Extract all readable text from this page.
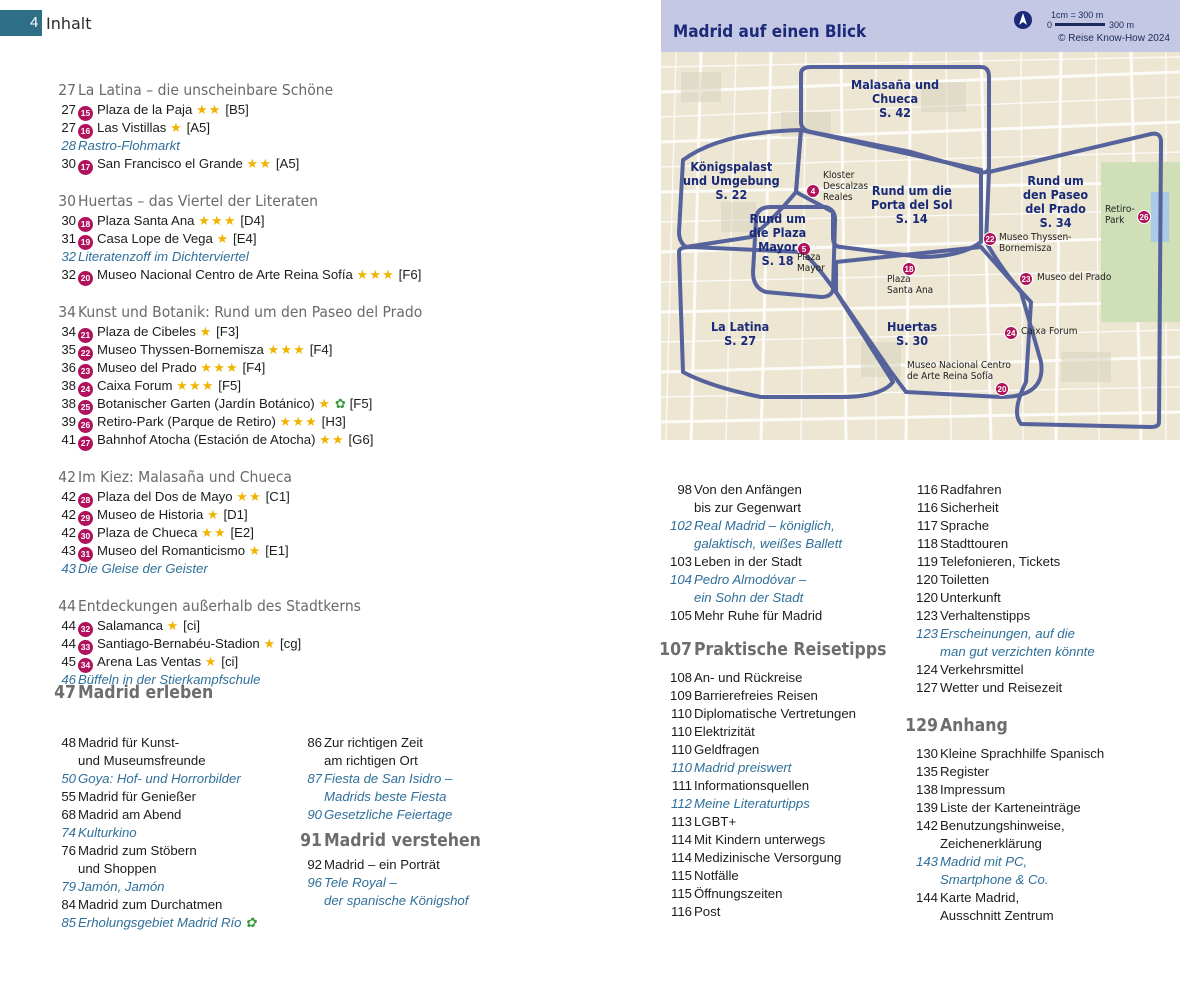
4 Inhalt
27 La Latina – die unscheinbare Schöne
27 15 Plaza de la Paja ★★ [B5]
27 16 Las Vistillas ★ [A5]
28 Rastro-Flohmarkt
30 17 San Francisco el Grande ★★ [A5]
30 Huertas – das Viertel der Literaten
30 18 Plaza Santa Ana ★★★ [D4]
31 19 Casa Lope de Vega ★ [E4]
32 Literatenzoff im Dichterviertel
32 20 Museo Nacional Centro de Arte Reina Sofía ★★★ [F6]
34 Kunst und Botanik: Rund um den Paseo del Prado
34 21 Plaza de Cibeles ★ [F3]
35 22 Museo Thyssen-Bornemisza ★★★ [F4]
36 23 Museo del Prado ★★★ [F4]
38 24 Caixa Forum ★★★ [F5]
38 25 Botanischer Garten (Jardín Botánico) ★ ✿ [F5]
39 26 Retiro-Park (Parque de Retiro) ★★★ [H3]
41 27 Bahnhof Atocha (Estación de Atocha) ★★ [G6]
42 Im Kiez: Malasaña und Chueca
42 28 Plaza del Dos de Mayo ★★ [C1]
42 29 Museo de Historia ★ [D1]
42 30 Plaza de Chueca ★★ [E2]
43 31 Museo del Romanticismo ★ [E1]
43 Die Gleise der Geister
44 Entdeckungen außerhalb des Stadtkerns
44 32 Salamanca ★ [ci]
44 33 Santiago-Bernabéu-Stadion ★ [cg]
45 34 Arena Las Ventas ★ [ci]
46 Büffeln in der Stierkampfschule
47 Madrid erleben
48 Madrid für Kunst-
und Museumsfreunde
50 Goya: Hof- und Horrorbilder
55 Madrid für Genießer
68 Madrid am Abend
74 Kulturkino
76 Madrid zum Stöbern
und Shoppen
79 Jamón, Jamón
84 Madrid zum Durchatmen
85 Erholungsgebiet Madrid Río ✿
86 Zur richtigen Zeit
am richtigen Ort
87 Fiesta de San Isidro –
Madrids beste Fiesta
90 Gesetzliche Feiertage
91 Madrid verstehen
92 Madrid – ein Porträt
96 Tele Royal –
der spanische Königshof
98 Von den Anfängen
bis zur Gegenwart
102 Real Madrid – königlich,
galaktisch, weißes Ballett
103 Leben in der Stadt
104 Pedro Almodóvar –
ein Sohn der Stadt
105 Mehr Ruhe für Madrid
107 Praktische Reisetipps
108 An- und Rückreise
109 Barrierefreies Reisen
110 Diplomatische Vertretungen
110 Elektrizität
110 Geldfragen
110 Madrid preiswert
111 Informationsquellen
112 Meine Literaturtipps
113 LGBT+
114 Mit Kindern unterwegs
114 Medizinische Versorgung
115 Notfälle
115 Öffnungszeiten
116 Post
116 Radfahren
116 Sicherheit
117 Sprache
118 Stadttouren
119 Telefonieren, Tickets
120 Toiletten
120 Unterkunft
123 Verhaltenstipps
123 Erscheinungen, auf die
man gut verzichten könnte
124 Verkehrsmittel
127 Wetter und Reisezeit
129 Anhang
130 Kleine Sprachhilfe Spanisch
135 Register
138 Impressum
139 Liste der Karteneinträge
142 Benutzungshinweise,
Zeichenerklärung
143 Madrid mit PC,
Smartphone & Co.
144 Karte Madrid,
Ausschnitt Zentrum
Madrid auf einen Blick	0	300 m
1cm = 300 m
© Reise Know-How 2024
Malasaña und
Chueca
S. 42
Königspalast
und Umgebung
S. 22	Rund um die
Porta del Sol
S. 14
Rund um
den Paseo
del Prado
S. 34
Rund um
die Plaza
Mayor
S. 18
La Latina
S. 27
Huertas
S. 30
4
Kloster
Descalzas
Reales
5
Plaza
Mayor	18
Plaza
Santa Ana
22 Museo Thyssen-
Bornemisza
23 Museo del Prado
24 Caixa Forum
20
Museo Nacional Centro
de Arte Reina Sofía
26
Retiro-
Park
